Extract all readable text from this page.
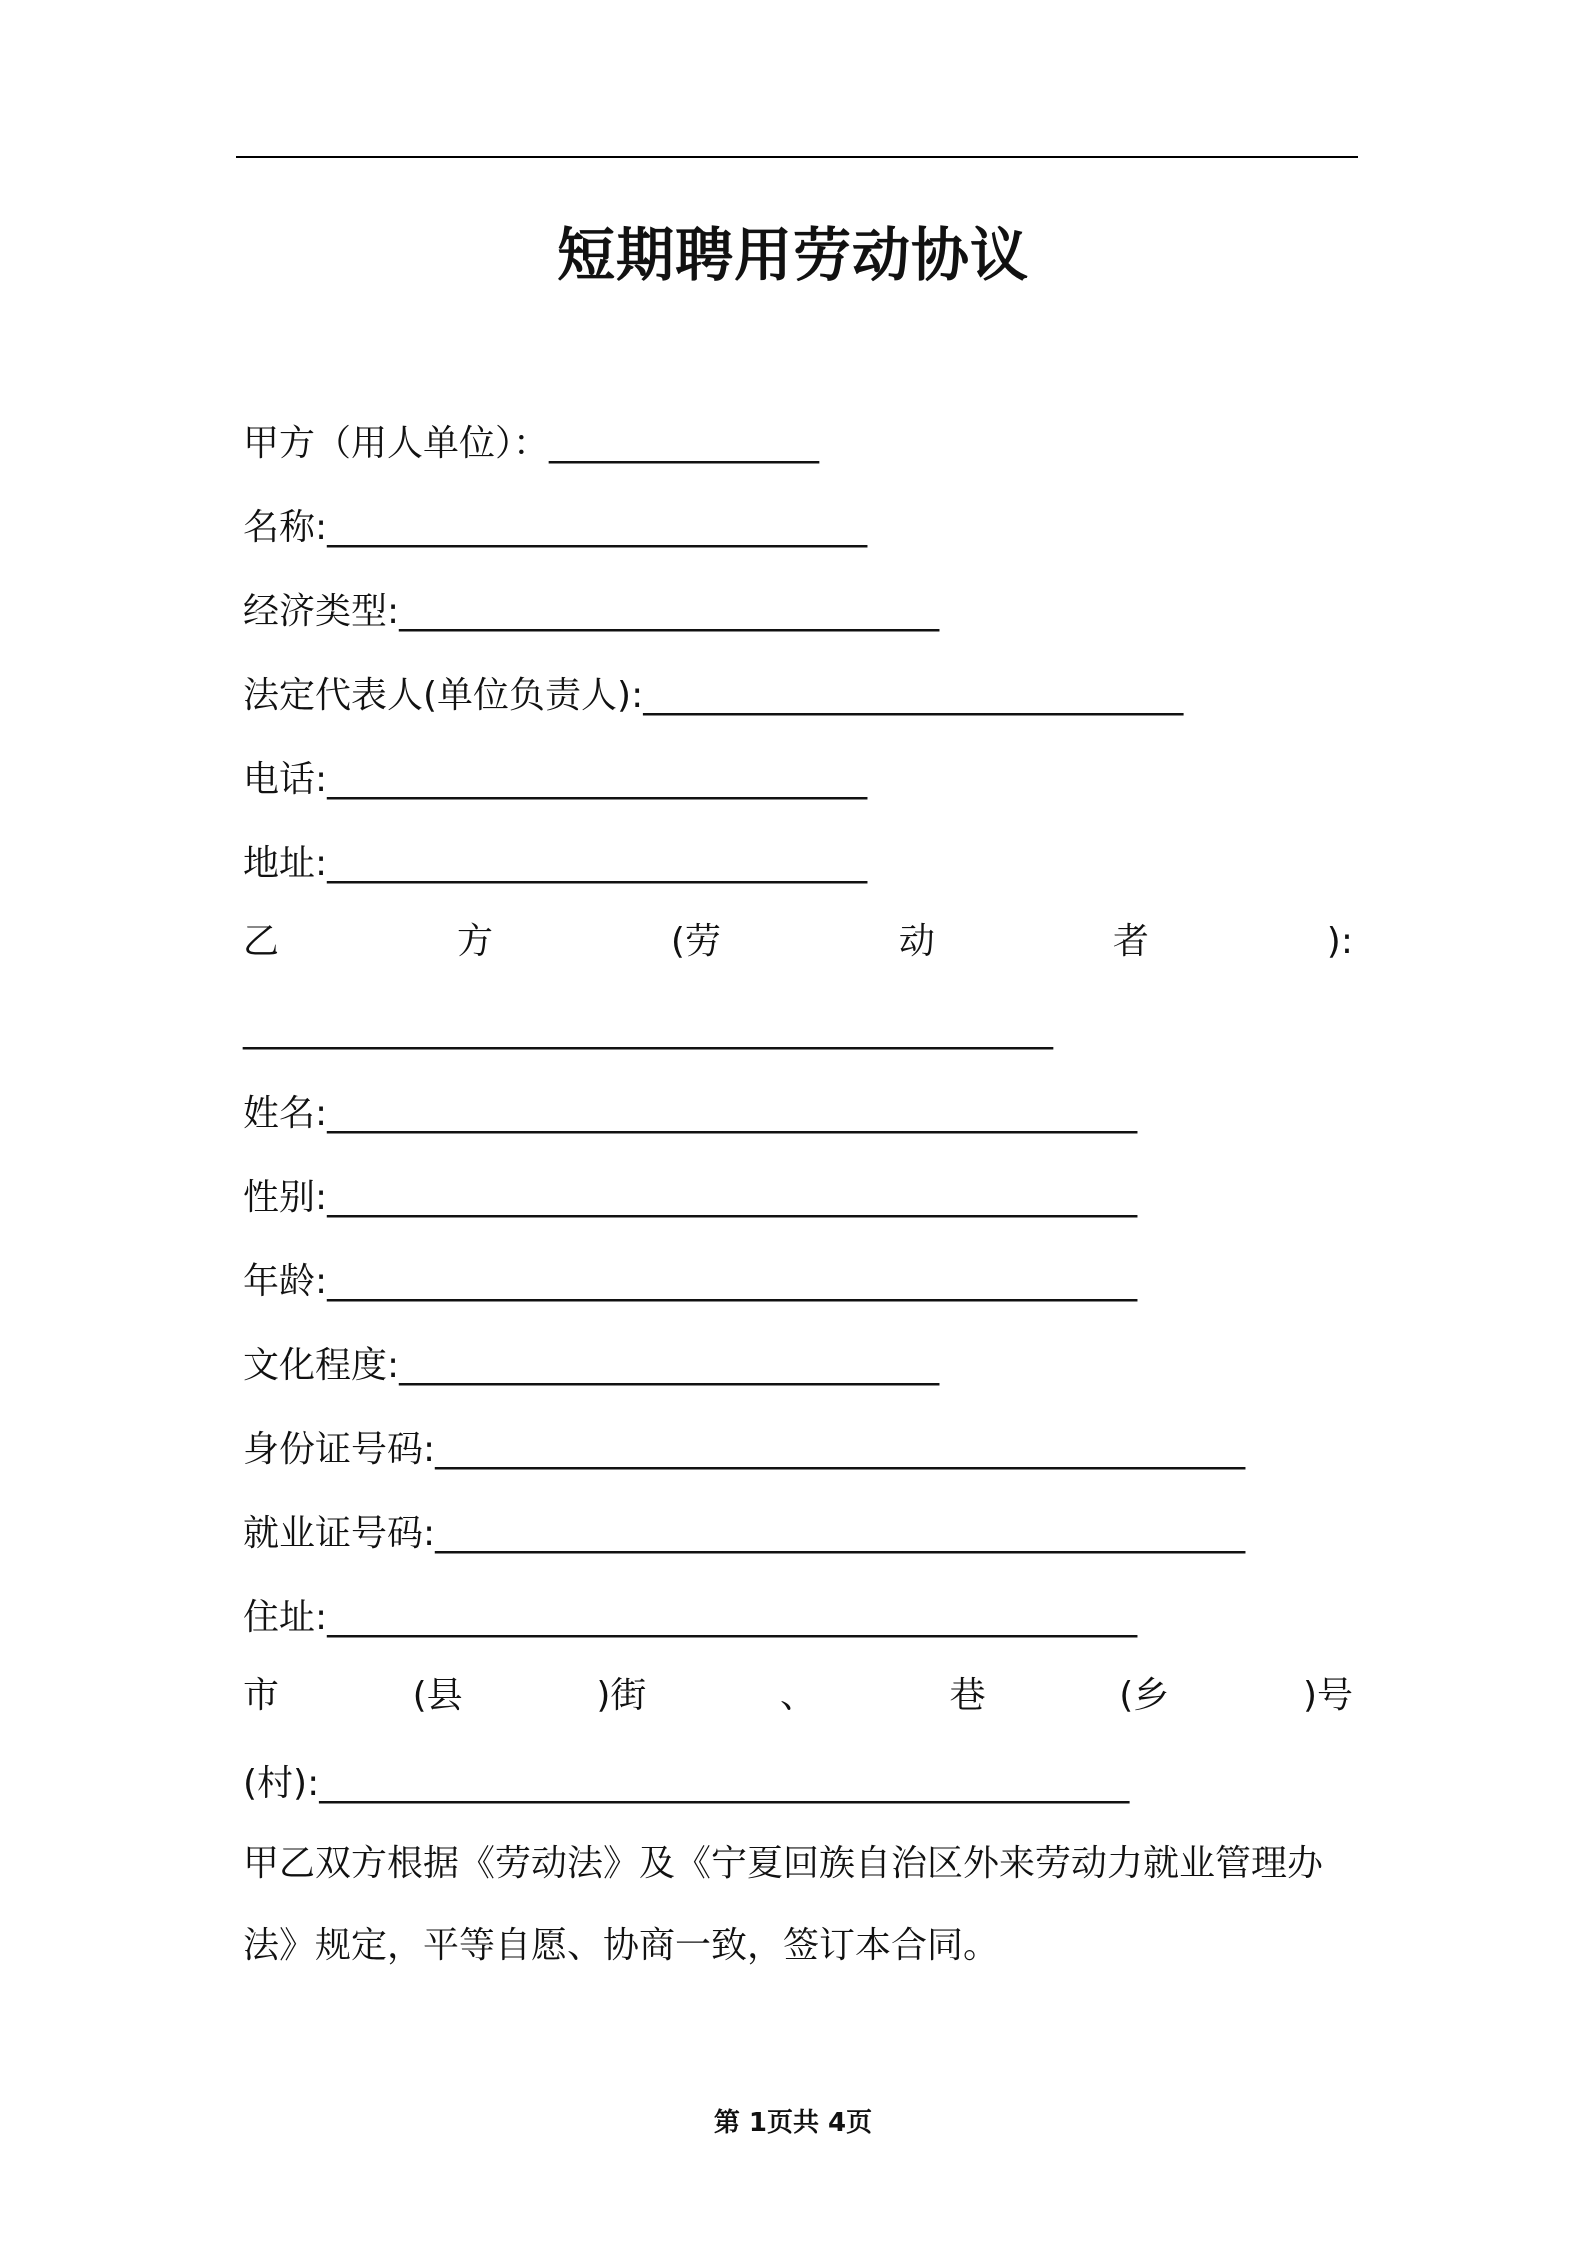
短期聘用劳动协议
甲方（用人单位）：_______________
名称:______________________________
经济类型:______________________________
法定代表人(单位负责人):______________________________
电话:______________________________
地址:______________________________
乙	方	(劳	动	者	):
_____________________________________________
姓名:_____________________________________________
性别:_____________________________________________
年龄:_____________________________________________
文化程度:______________________________
身份证号码:_____________________________________________
就业证号码:_____________________________________________
住址:_____________________________________________
市	(县	)街	、	巷	(乡	)号
(村):_____________________________________________
甲乙双方根据《劳动法》及《宁夏回族自治区外来劳动力就业管理办
法》规定，平等自愿、协商一致，签订本合同。
第 1页共 4页
